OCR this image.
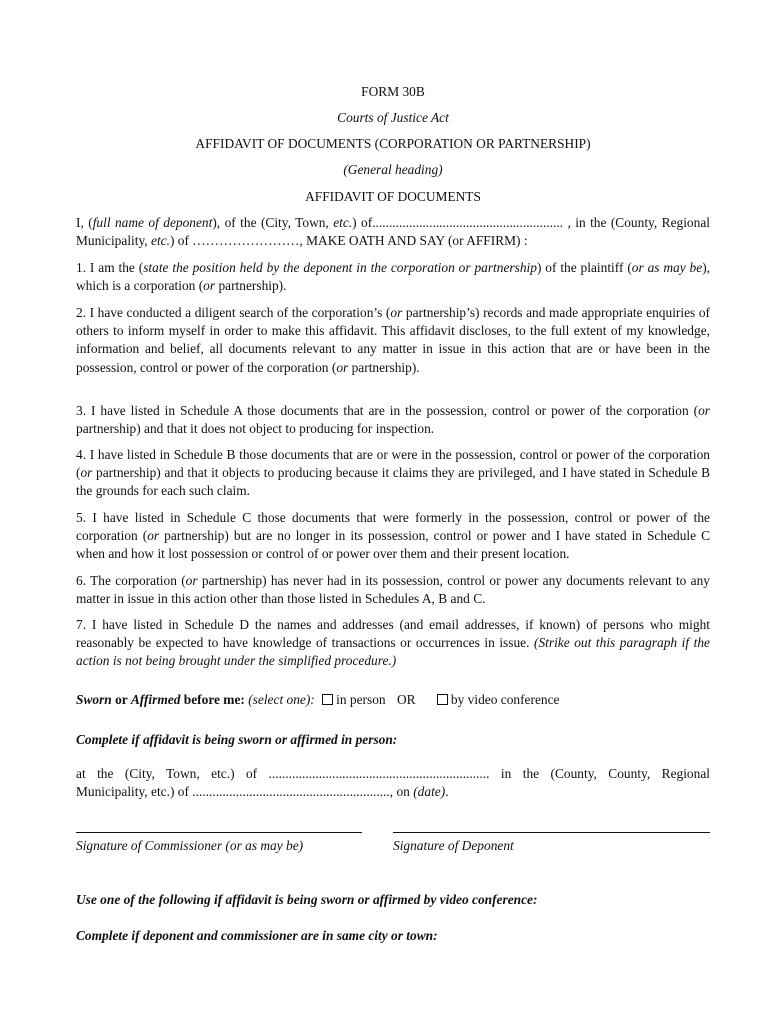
FORM 30B
Courts of Justice Act
AFFIDAVIT OF DOCUMENTS (CORPORATION OR PARTNERSHIP)
(General heading)
AFFIDAVIT OF DOCUMENTS

I, (full name of deponent), of the (City, Town, etc.) of......................................................... , in the (County, Regional Municipality, etc.) of ……………………, MAKE OATH AND SAY (or AFFIRM) :

1. I am the (state the position held by the deponent in the corporation or partnership) of the plaintiff (or as may be), which is a corporation (or partnership).

2. I have conducted a diligent search of the corporation’s (or partnership’s) records and made appropriate enquiries of others to inform myself in order to make this affidavit. This affidavit discloses, to the full extent of my knowledge, information and belief, all documents relevant to any matter in issue in this action that are or have been in the possession, control or power of the corporation (or partnership).

3. I have listed in Schedule A those documents that are in the possession, control or power of the corporation (or partnership) and that it does not object to producing for inspection.

4. I have listed in Schedule B those documents that are or were in the possession, control or power of the corporation (or partnership) and that it objects to producing because it claims they are privileged, and I have stated in Schedule B the grounds for each such claim.

5. I have listed in Schedule C those documents that were formerly in the possession, control or power of the corporation (or partnership) but are no longer in its possession, control or power and I have stated in Schedule C when and how it lost possession or control of or power over them and their present location.

6. The corporation (or partnership) has never had in its possession, control or power any documents relevant to any matter in issue in this action other than those listed in Schedules A, B and C.

7. I have listed in Schedule D the names and addresses (and email addresses, if known) of persons who might reasonably be expected to have knowledge of transactions or occurrences in issue. (Strike out this paragraph if the action is not being brought under the simplified procedure.)

Sworn or Affirmed before me: (select one): in person OR	by video conference
Complete if affidavit is being sworn or affirmed in person:
at the (City, Town, etc.) of .................................................................. in the (County, County, Regional
Municipality, etc.) of ..........................................................., on (date).
Signature of Commissioner (or as may be)	Signature of Deponent
Use one of the following if affidavit is being sworn or affirmed by video conference:
Complete if deponent and commissioner are in same city or town:
